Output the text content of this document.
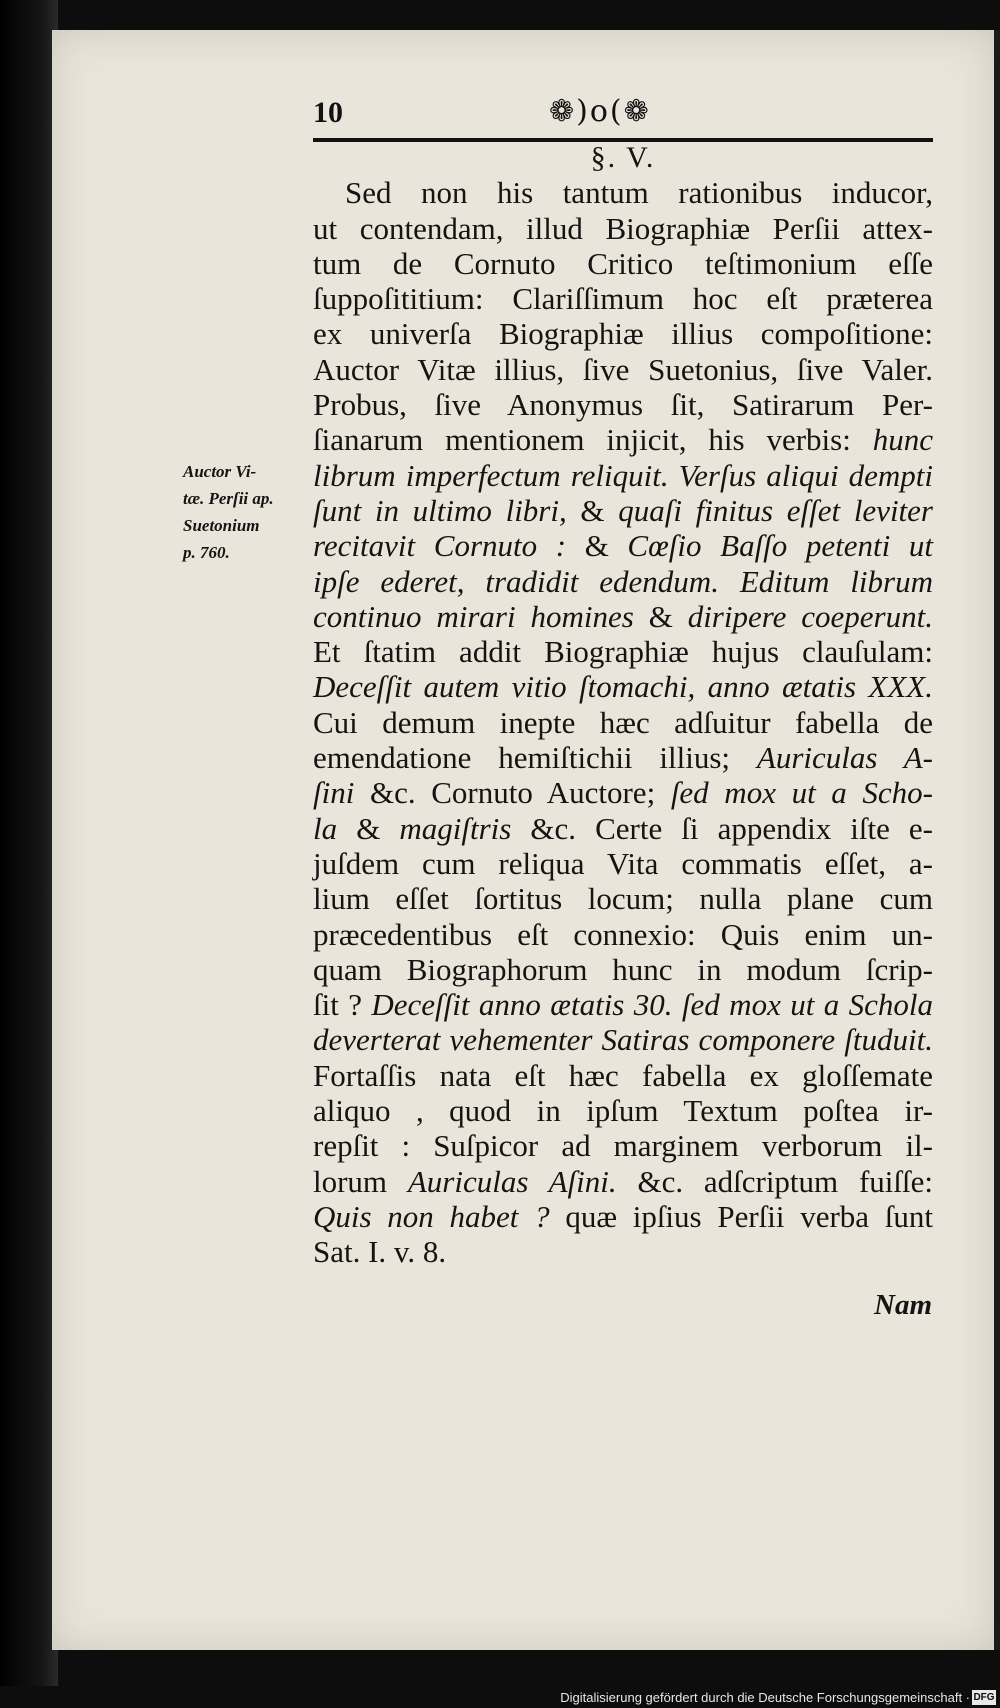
10	❁)o(❁
§. V.
Sed non his tantum rationibus inducor,
ut contendam, illud Biographiæ Perſii attex-
tum de Cornuto Critico teſtimonium eſſe
ſuppoſititium: Clariſſimum hoc eſt præterea
ex univerſa Biographiæ illius compoſitione:
Auctor Vitæ illius, ſive Suetonius, ſive Valer.
Probus, ſive Anonymus ſit, Satirarum Per-
ſianarum mentionem injicit, his verbis: hunc
librum imperfectum reliquit. Verſus aliqui dempti
ſunt in ultimo libri, & quaſi finitus eſſet leviter
recitavit Cornuto : & Cœſio Baſſo petenti ut
ipſe ederet, tradidit edendum. Editum librum
continuo mirari homines & diripere coeperunt.
Et ſtatim addit Biographiæ hujus clauſulam:
Deceſſit autem vitio ſtomachi, anno ætatis XXX.
Cui demum inepte hæc adſuitur fabella de
emendatione hemiſtichii illius; Auriculas A-
ſini &c. Cornuto Auctore; ſed mox ut a Scho-
la & magiſtris &c. Certe ſi appendix iſte e-
juſdem cum reliqua Vita commatis eſſet, a-
lium eſſet ſortitus locum; nulla plane cum
præcedentibus eſt connexio: Quis enim un-
quam Biographorum hunc in modum ſcrip-
ſit ? Deceſſit anno ætatis 30. ſed mox ut a Schola
deverterat vehementer Satiras componere ſtuduit.
Fortaſſis nata eſt hæc fabella ex gloſſemate
aliquo , quod in ipſum Textum poſtea ir-
repſit : Suſpicor ad marginem verborum il-
lorum Auriculas Aſini. &c. adſcriptum fuiſſe:
Quis non habet ? quæ ipſius Perſii verba ſunt
Sat. I. v. 8.
Auctor Vi-
tæ. Perſii ap.
Suetonium
p. 760.
Nam
Digitalisierung gefördert durch die Deutsche Forschungsgemeinschaft · DFG
